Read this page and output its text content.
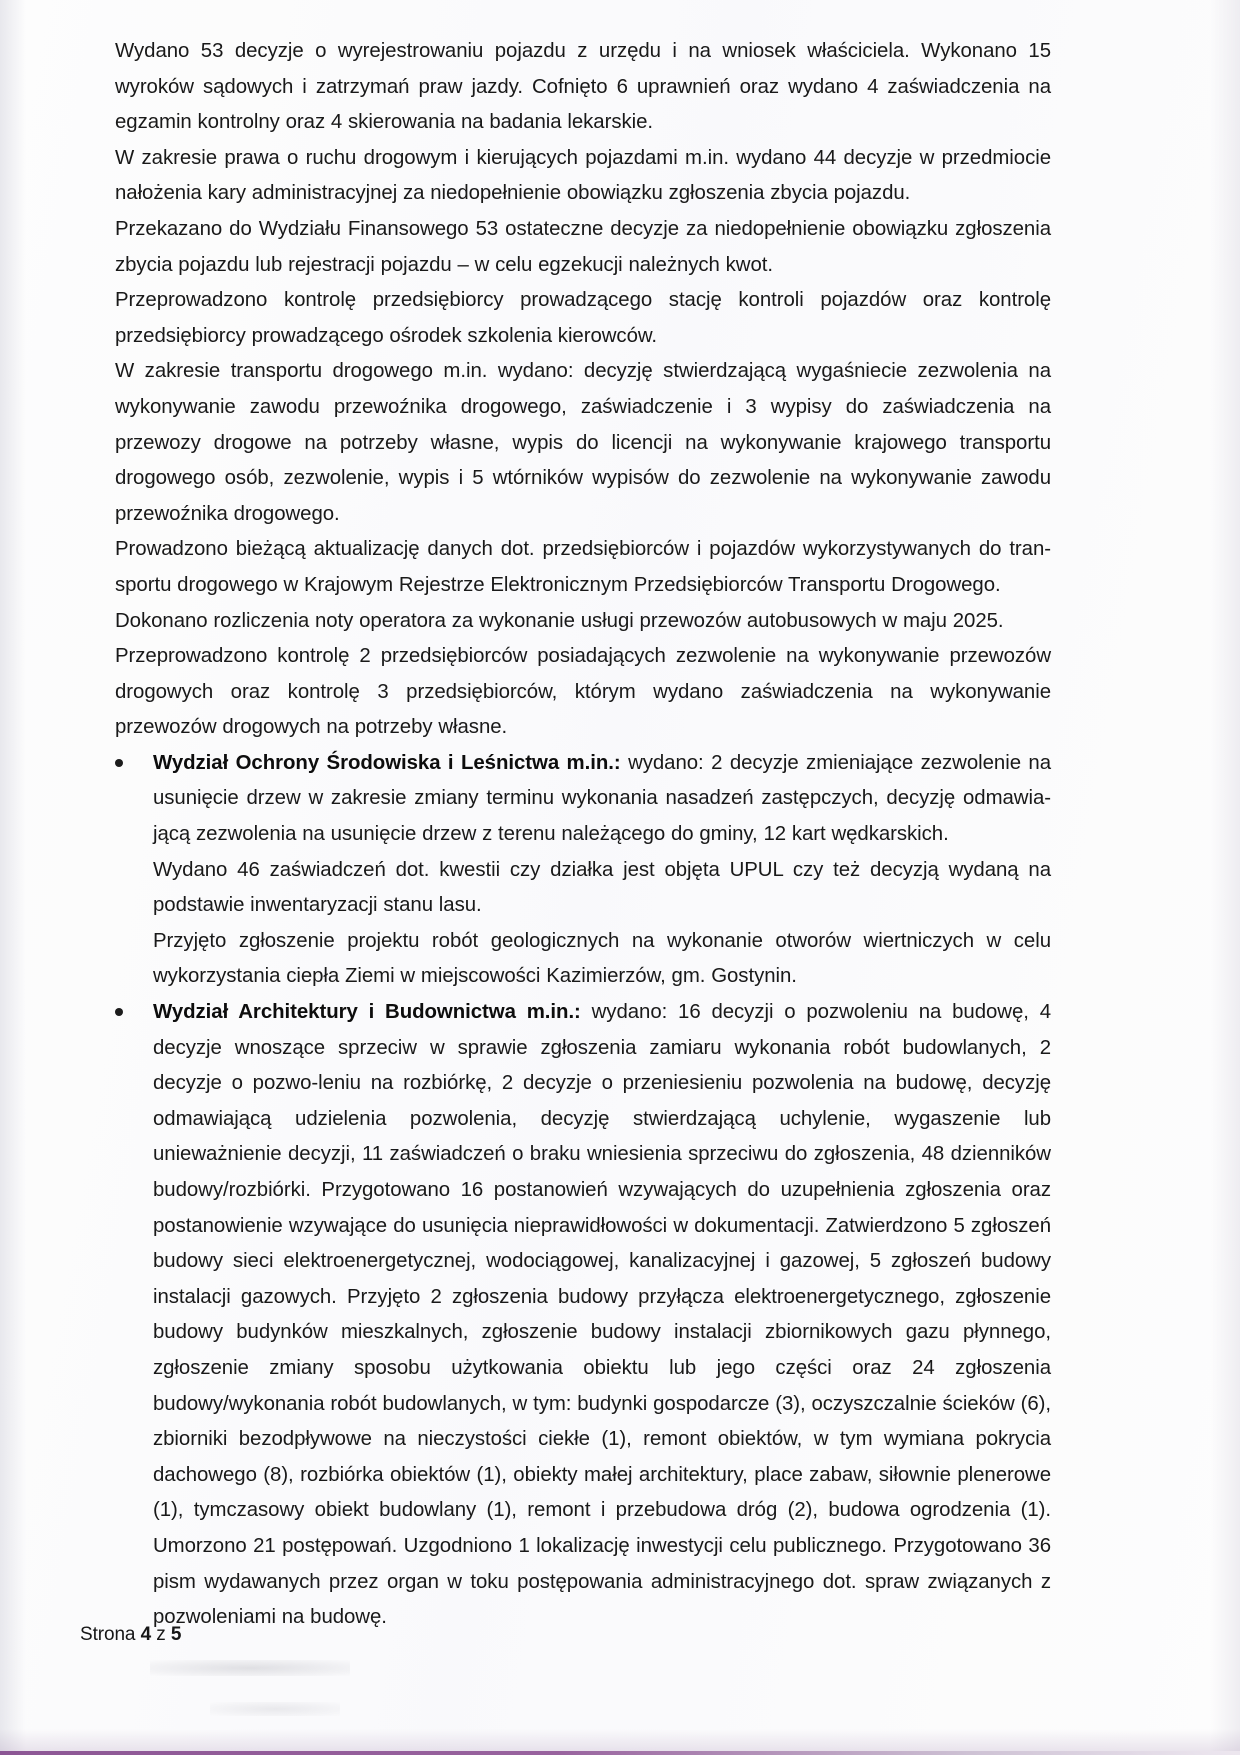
Wydano 53 decyzje o wyrejestrowaniu pojazdu z urzędu i na wniosek właściciela. Wykonano 15 wyroków sądowych i zatrzymań praw jazdy. Cofnięto 6 uprawnień oraz wydano 4 zaświadczenia na egzamin kontrolny oraz 4 skierowania na badania lekarskie.

W zakresie prawa o ruchu drogowym i kierujących pojazdami m.in. wydano 44 decyzje w przedmiocie nałożenia kary administracyjnej za niedopełnienie obowiązku zgłoszenia zbycia pojazdu.

Przekazano do Wydziału Finansowego 53 ostateczne decyzje za niedopełnienie obowiązku zgłoszenia zbycia pojazdu lub rejestracji pojazdu – w celu egzekucji należnych kwot.

Przeprowadzono kontrolę przedsiębiorcy prowadzącego stację kontroli pojazdów oraz kontrolę przedsiębiorcy prowadzącego ośrodek szkolenia kierowców.

W zakresie transportu drogowego m.in. wydano: decyzję stwierdzającą wygaśniecie zezwolenia na wykonywanie zawodu przewoźnika drogowego, zaświadczenie i 3 wypisy do zaświadczenia na przewozy drogowe na potrzeby własne, wypis do licencji na wykonywanie krajowego transportu drogowego osób, zezwolenie, wypis i 5 wtórników wypisów do zezwolenie na wykonywanie zawodu przewoźnika drogowego.

Prowadzono bieżącą aktualizację danych dot. przedsiębiorców i pojazdów wykorzystywanych do tran-sportu drogowego w Krajowym Rejestrze Elektronicznym Przedsiębiorców Transportu Drogowego.

Dokonano rozliczenia noty operatora za wykonanie usługi przewozów autobusowych w maju 2025.

Przeprowadzono kontrolę 2 przedsiębiorców posiadających zezwolenie na wykonywanie przewozów drogowych oraz kontrolę 3 przedsiębiorców, którym wydano zaświadczenia na wykonywanie przewozów drogowych na potrzeby własne.

Wydział Ochrony Środowiska i Leśnictwa m.in.: wydano: 2 decyzje zmieniające zezwolenie na usunięcie drzew w zakresie zmiany terminu wykonania nasadzeń zastępczych, decyzję odmawia-jącą zezwolenia na usunięcie drzew z terenu należącego do gminy, 12 kart wędkarskich.

Wydano 46 zaświadczeń dot. kwestii czy działka jest objęta UPUL czy też decyzją wydaną na podstawie inwentaryzacji stanu lasu.

Przyjęto zgłoszenie projektu robót geologicznych na wykonanie otworów wiertniczych w celu wykorzystania ciepła Ziemi w miejscowości Kazimierzów, gm. Gostynin.

Wydział Architektury i Budownictwa m.in.: wydano: 16 decyzji o pozwoleniu na budowę, 4 decyzje wnoszące sprzeciw w sprawie zgłoszenia zamiaru wykonania robót budowlanych, 2 decyzje o pozwo-leniu na rozbiórkę, 2 decyzje o przeniesieniu pozwolenia na budowę, decyzję odmawiającą udzielenia pozwolenia, decyzję stwierdzającą uchylenie, wygaszenie lub unieważnienie decyzji, 11 zaświadczeń o braku wniesienia sprzeciwu do zgłoszenia, 48 dzienników budowy/rozbiórki. Przygotowano 16 postanowień wzywających do uzupełnienia zgłoszenia oraz postanowienie wzywające do usunięcia nieprawidłowości w dokumentacji. Zatwierdzono 5 zgłoszeń budowy sieci elektroenergetycznej, wodociągowej, kanalizacyjnej i gazowej, 5 zgłoszeń budowy instalacji gazowych. Przyjęto 2 zgłoszenia budowy przyłącza elektroenergetycznego, zgłoszenie budowy budynków mieszkalnych, zgłoszenie budowy instalacji zbiornikowych gazu płynnego, zgłoszenie zmiany sposobu użytkowania obiektu lub jego części oraz 24 zgłoszenia budowy/wykonania robót budowlanych, w tym: budynki gospodarcze (3), oczyszczalnie ścieków (6), zbiorniki bezodpływowe na nieczystości ciekłe (1), remont obiektów, w tym wymiana pokrycia dachowego (8), rozbiórka obiektów (1), obiekty małej architektury, place zabaw, siłownie plenerowe (1), tymczasowy obiekt budowlany (1), remont i przebudowa dróg (2), budowa ogrodzenia (1). Umorzono 21 postępowań. Uzgodniono 1 lokalizację inwestycji celu publicznego. Przygotowano 36 pism wydawanych przez organ w toku postępowania administracyjnego dot. spraw związanych z pozwoleniami na budowę.

Strona 4 z 5
